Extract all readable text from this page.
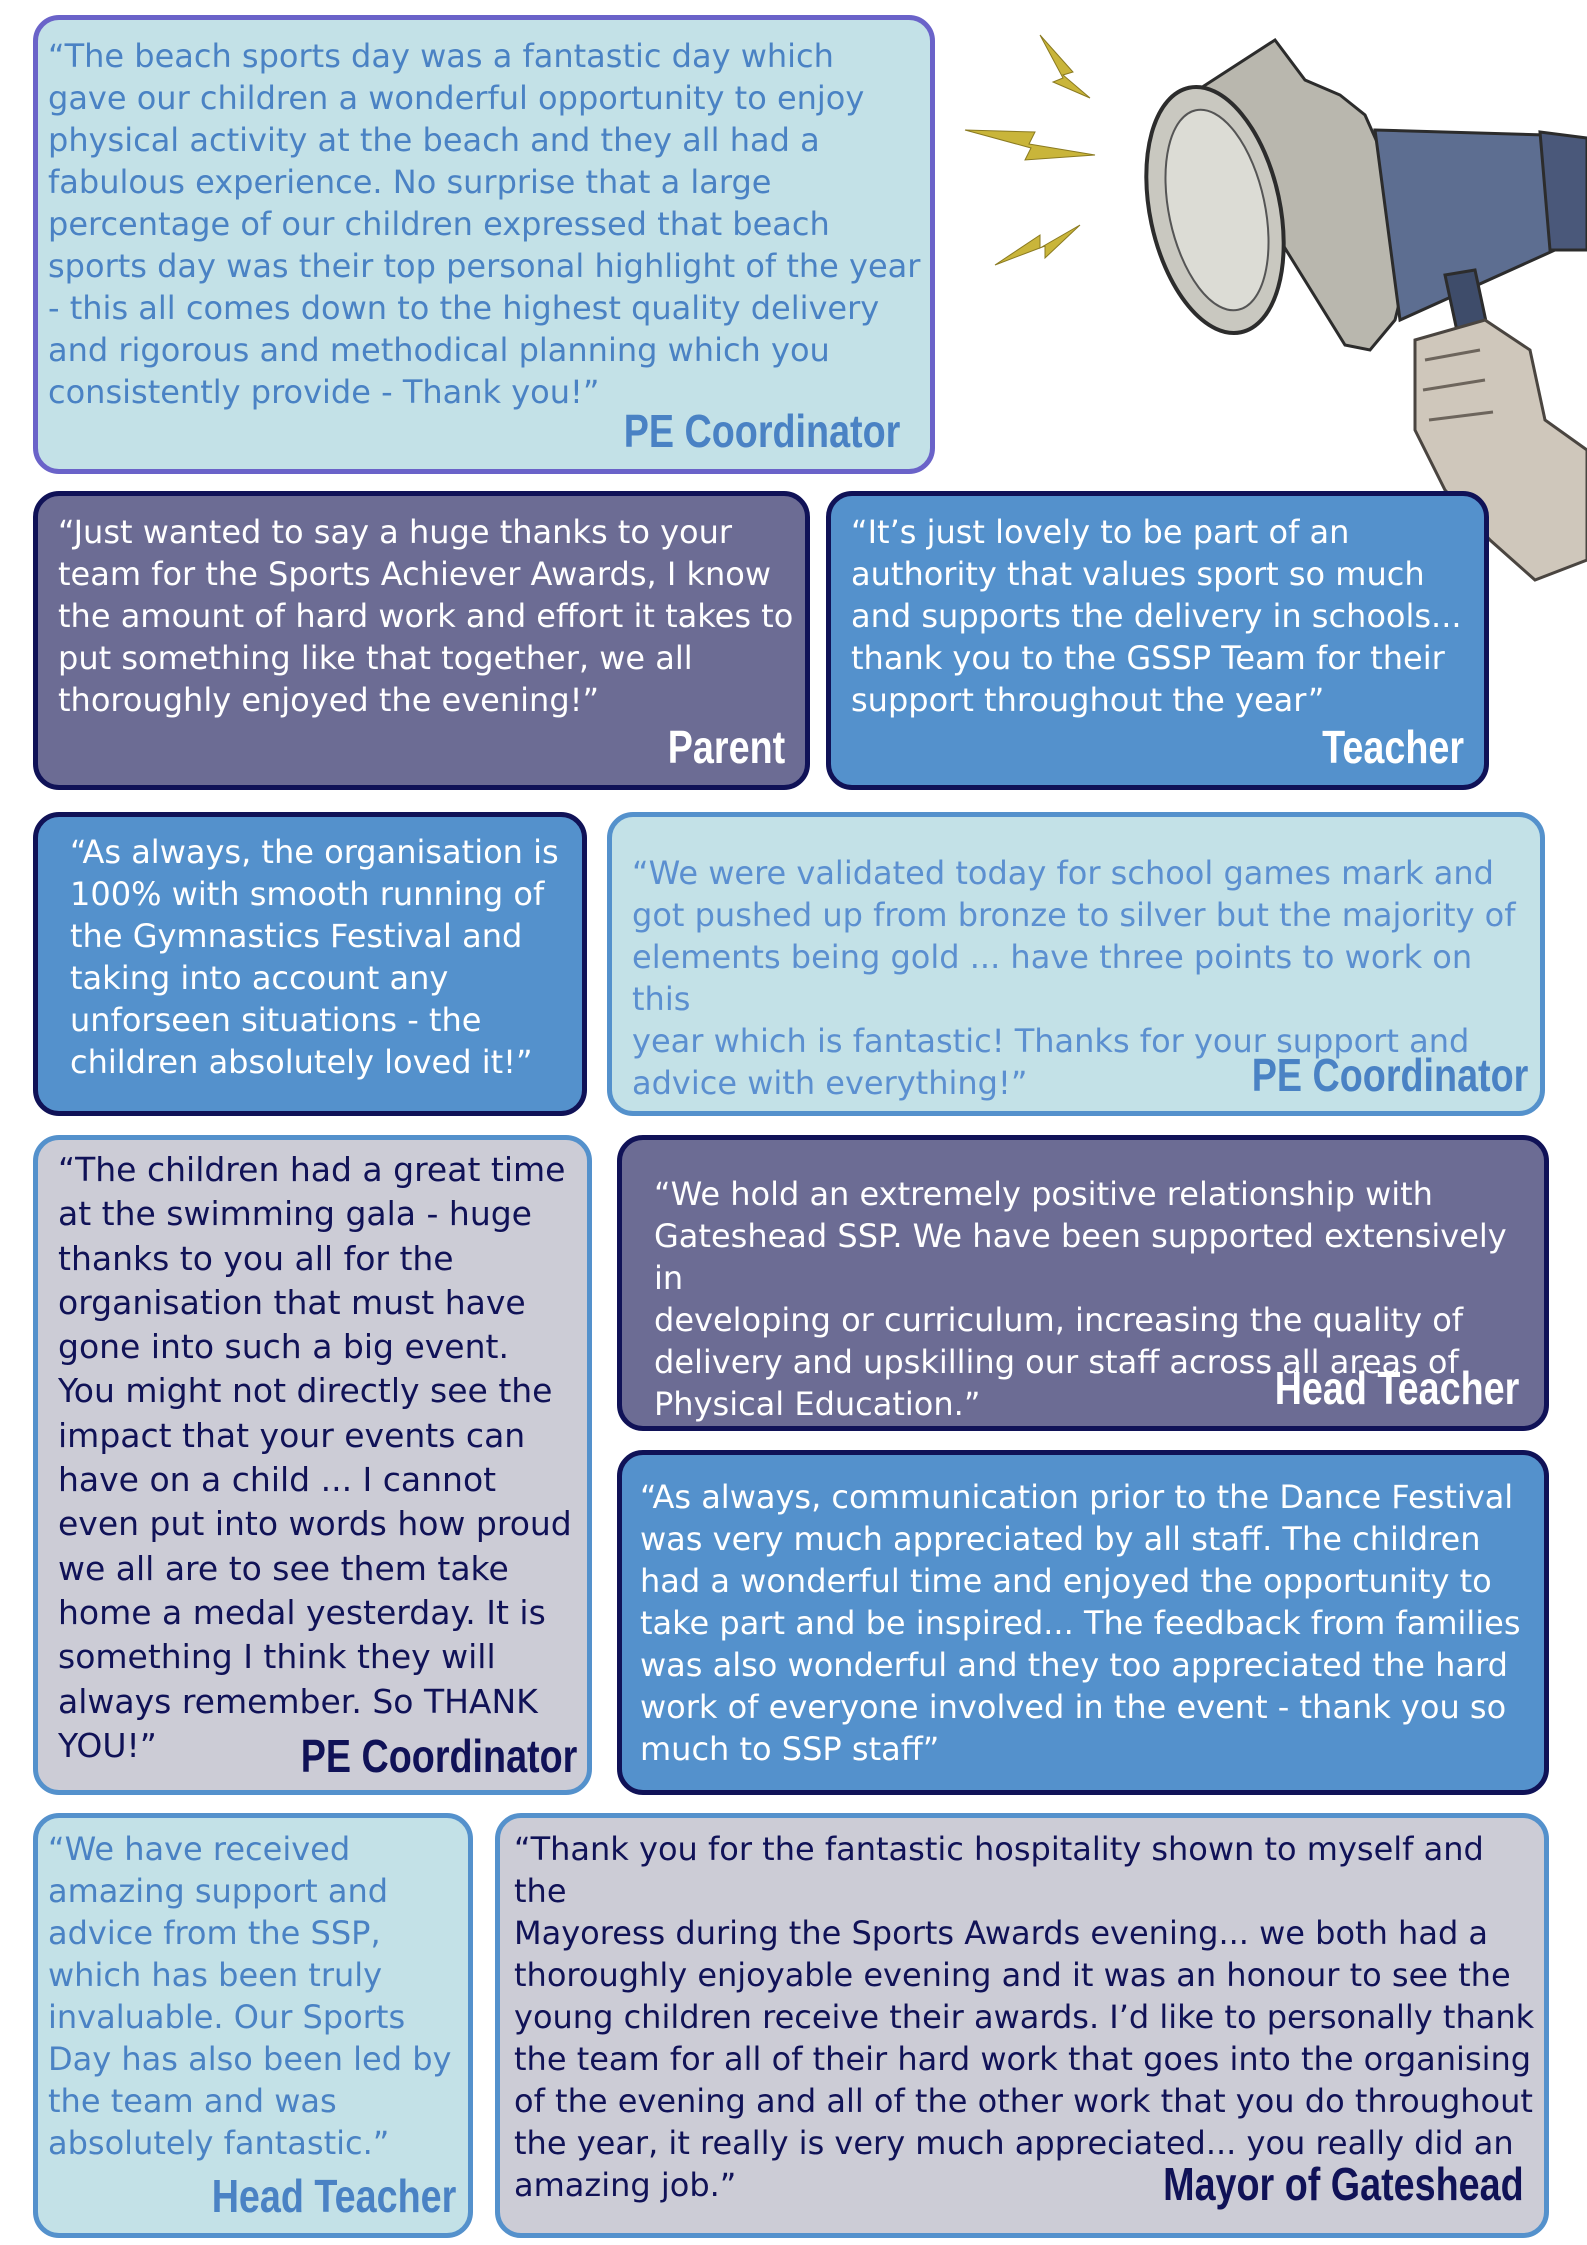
“The beach sports day was a fantastic day which
gave our children a wonderful opportunity to enjoy
physical activity at the beach and they all had a
fabulous experience. No surprise that a large
percentage of our children expressed that beach
sports day was their top personal highlight of the year
- this all comes down to the highest quality delivery
and rigorous and methodical planning which you
consistently provide - Thank you!”

PE Coordinator

“Just wanted to say a huge thanks to your
team for the Sports Achiever Awards, I know
the amount of hard work and effort it takes to
put something like that together, we all
thoroughly enjoyed the evening!”

Parent

“It’s just lovely to be part of an
authority that values sport so much
and supports the delivery in schools...
thank you to the GSSP Team for their
support throughout the year”

Teacher

“As always, the organisation is
100% with smooth running of
the Gymnastics Festival and
taking into account any
unforseen situations - the
children absolutely loved it!”

“We were validated today for school games mark and
got pushed up from bronze to silver but the majority of
elements being gold ... have three points to work on this
year which is fantastic! Thanks for your support and
advice with everything!”	PE Coordinator

“The children had a great time
at the swimming gala - huge
thanks to you all for the
organisation that must have
gone into such a big event.
You might not directly see the
impact that your events can
have on a child ... I cannot
even put into words how proud
we all are to see them take
home a medal yesterday. It is
something I think they will
always remember. So THANK
YOU!”	PE Coordinator

“We hold an extremely positive relationship with
Gateshead SSP. We have been supported extensively in
developing or curriculum, increasing the quality of
delivery and upskilling our staff across all areas of
Physical Education.”	Head Teacher

“As always, communication prior to the Dance Festival
was very much appreciated by all staff. The children
had a wonderful time and enjoyed the opportunity to
take part and be inspired... The feedback from families
was also wonderful and they too appreciated the hard
work of everyone involved in the event - thank you so
much to SSP staff”

“We have received
amazing support and
advice from the SSP,
which has been truly
invaluable. Our Sports
Day has also been led by
the team and was
absolutely fantastic.”

Head Teacher

“Thank you for the fantastic hospitality shown to myself and the
Mayoress during the Sports Awards evening... we both had a
thoroughly enjoyable evening and it was an honour to see the
young children receive their awards. I’d like to personally thank
the team for all of their hard work that goes into the organising
of the evening and all of the other work that you do throughout
the year, it really is very much appreciated... you really did an
amazing job.”	Mayor of Gateshead
